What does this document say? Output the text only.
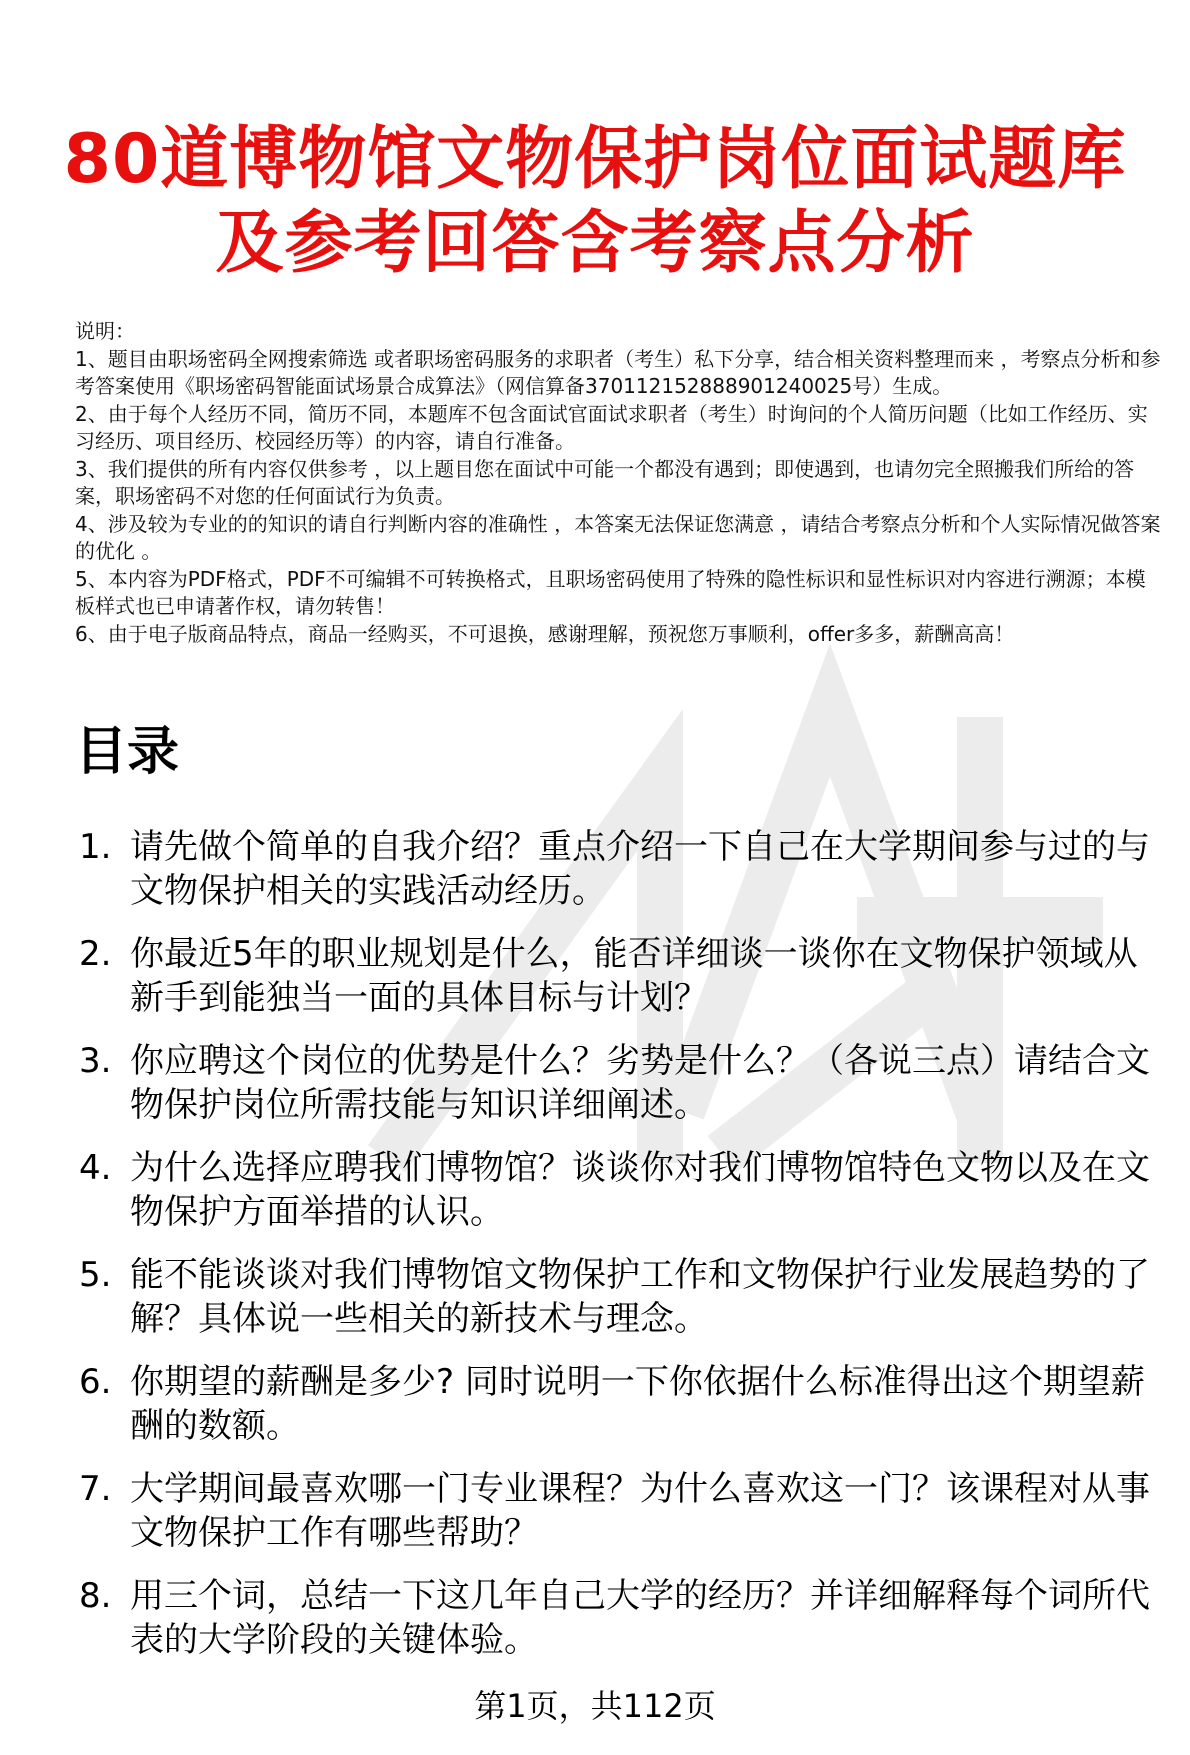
80道博物馆文物保护岗位面试题库
及参考回答含考察点分析

说明：

1、题目由职场密码全网搜索筛选 或者职场密码服务的求职者（考生）私下分享，结合相关资料整理而来 ，考察点分析和参考答案使用《职场密码智能面试场景合成算法》（网信算备370112152888901240025号）生成。

2、由于每个人经历不同，简历不同，本题库不包含面试官面试求职者（考生）时询问的个人简历问题（比如工作经历、实习经历、项目经历、校园经历等）的内容，请自行准备。

3、我们提供的所有内容仅供参考 ，以上题目您在面试中可能一个都没有遇到；即使遇到，也请勿完全照搬我们所给的答案，职场密码不对您的任何面试行为负责。

4、涉及较为专业的的知识的请自行判断内容的准确性 ，本答案无法保证您满意 ，请结合考察点分析和个人实际情况做答案的优化 。

5、本内容为PDF格式，PDF不可编辑不可转换格式，且职场密码使用了特殊的隐性标识和显性标识对内容进行溯源；本模板样式也已申请著作权，请勿转售！

6、由于电子版商品特点，商品一经购买，不可退换，感谢理解，预祝您万事顺利，offer多多，薪酬高高！

目录
1. 请先做个简单的自我介绍？重点介绍一下自己在大学期间参与过的与文物保护相关的实践活动经历。
2. 你最近5年的职业规划是什么，能否详细谈一谈你在文物保护领域从新手到能独当一面的具体目标与计划？
3. 你应聘这个岗位的优势是什么？劣势是什么？（各说三点）请结合文物保护岗位所需技能与知识详细阐述。
4. 为什么选择应聘我们博物馆？谈谈你对我们博物馆特色文物以及在文物保护方面举措的认识。
5. 能不能谈谈对我们博物馆文物保护工作和文物保护行业发展趋势的了解？具体说一些相关的新技术与理念。
6. 你期望的薪酬是多少? 同时说明一下你依据什么标准得出这个期望薪酬的数额。
7. 大学期间最喜欢哪一门专业课程？为什么喜欢这一门？该课程对从事文物保护工作有哪些帮助？
8. 用三个词，总结一下这几年自己大学的经历？并详细解释每个词所代表的大学阶段的关键体验。
第1页，共112页
